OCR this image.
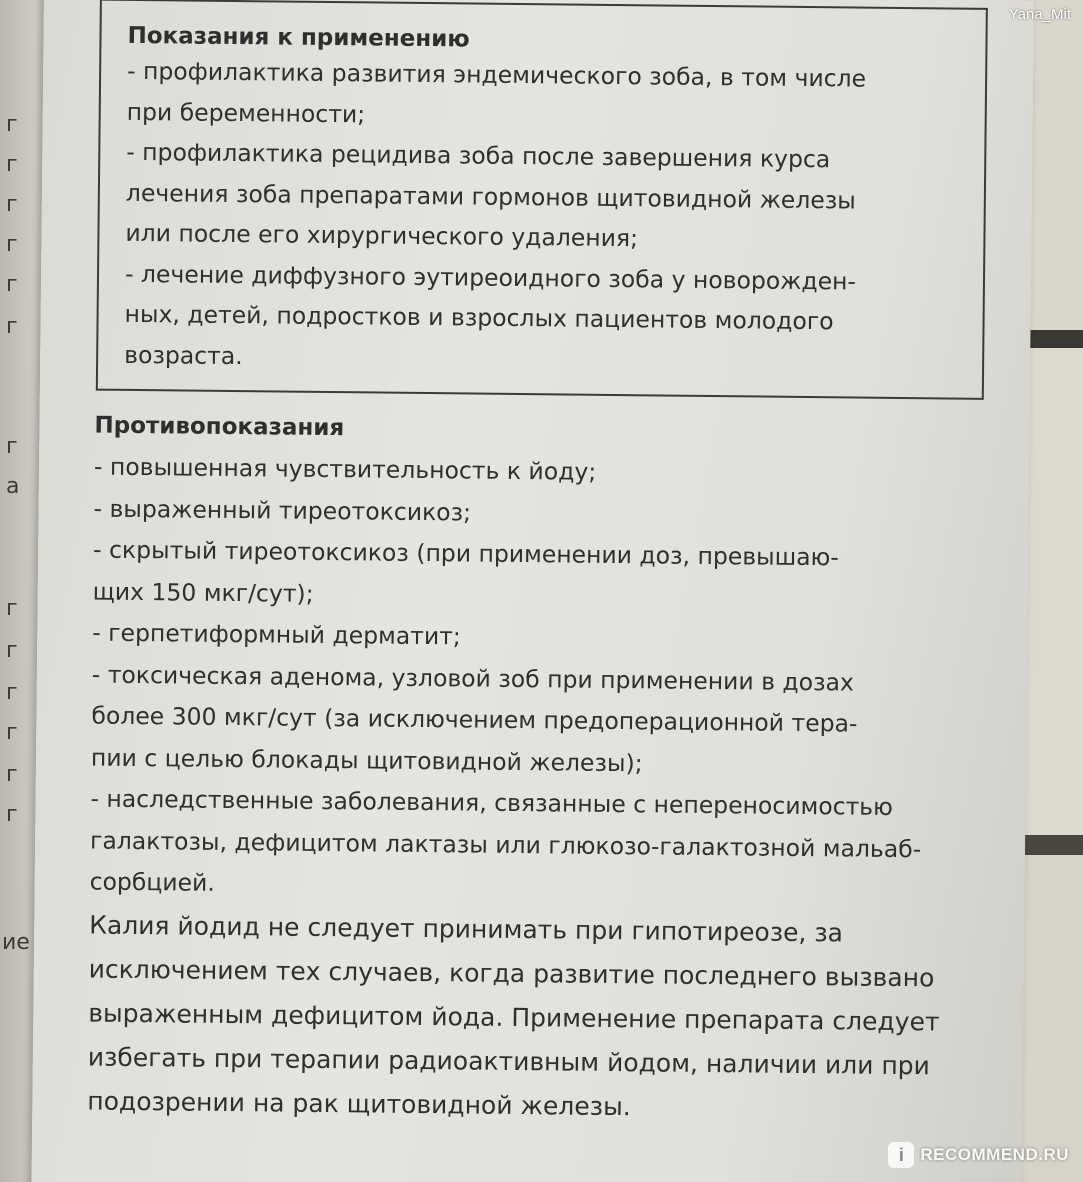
г
г
г
г
г
г
г
а
г
г
г
г
г
г
ие
Показания к применению
- профилактика развития эндемического зоба, в том числе
при беременности;
- профилактика рецидива зоба после завершения курса
лечения зоба препаратами гормонов щитовидной железы
или после его хирургического удаления;
- лечение диффузного эутиреоидного зоба у новорожден-
ных, детей, подростков и взрослых пациентов молодого
возраста.
Противопоказания
- повышенная чувствительность к йоду;
- выраженный тиреотоксикоз;
- скрытый тиреотоксикоз (при применении доз, превышаю-
щих 150 мкг/сут);
- герпетиформный дерматит;
- токсическая аденома, узловой зоб при применении в дозах
более 300 мкг/сут (за исключением предоперационной тера-
пии с целью блокады щитовидной железы);
- наследственные заболевания, связанные с непереносимостью
галактозы, дефицитом лактазы или глюкозо-галактозной мальаб-
сорбцией.
Калия йодид не следует принимать при гипотиреозе, за
исключением тех случаев, когда развитие последнего вызвано
выраженным дефицитом йода. Применение препарата следует
избегать при терапии радиоактивным йодом, наличии или при
подозрении на рак щитовидной железы.
Yana_Mit
i RECOMMEND.RU
